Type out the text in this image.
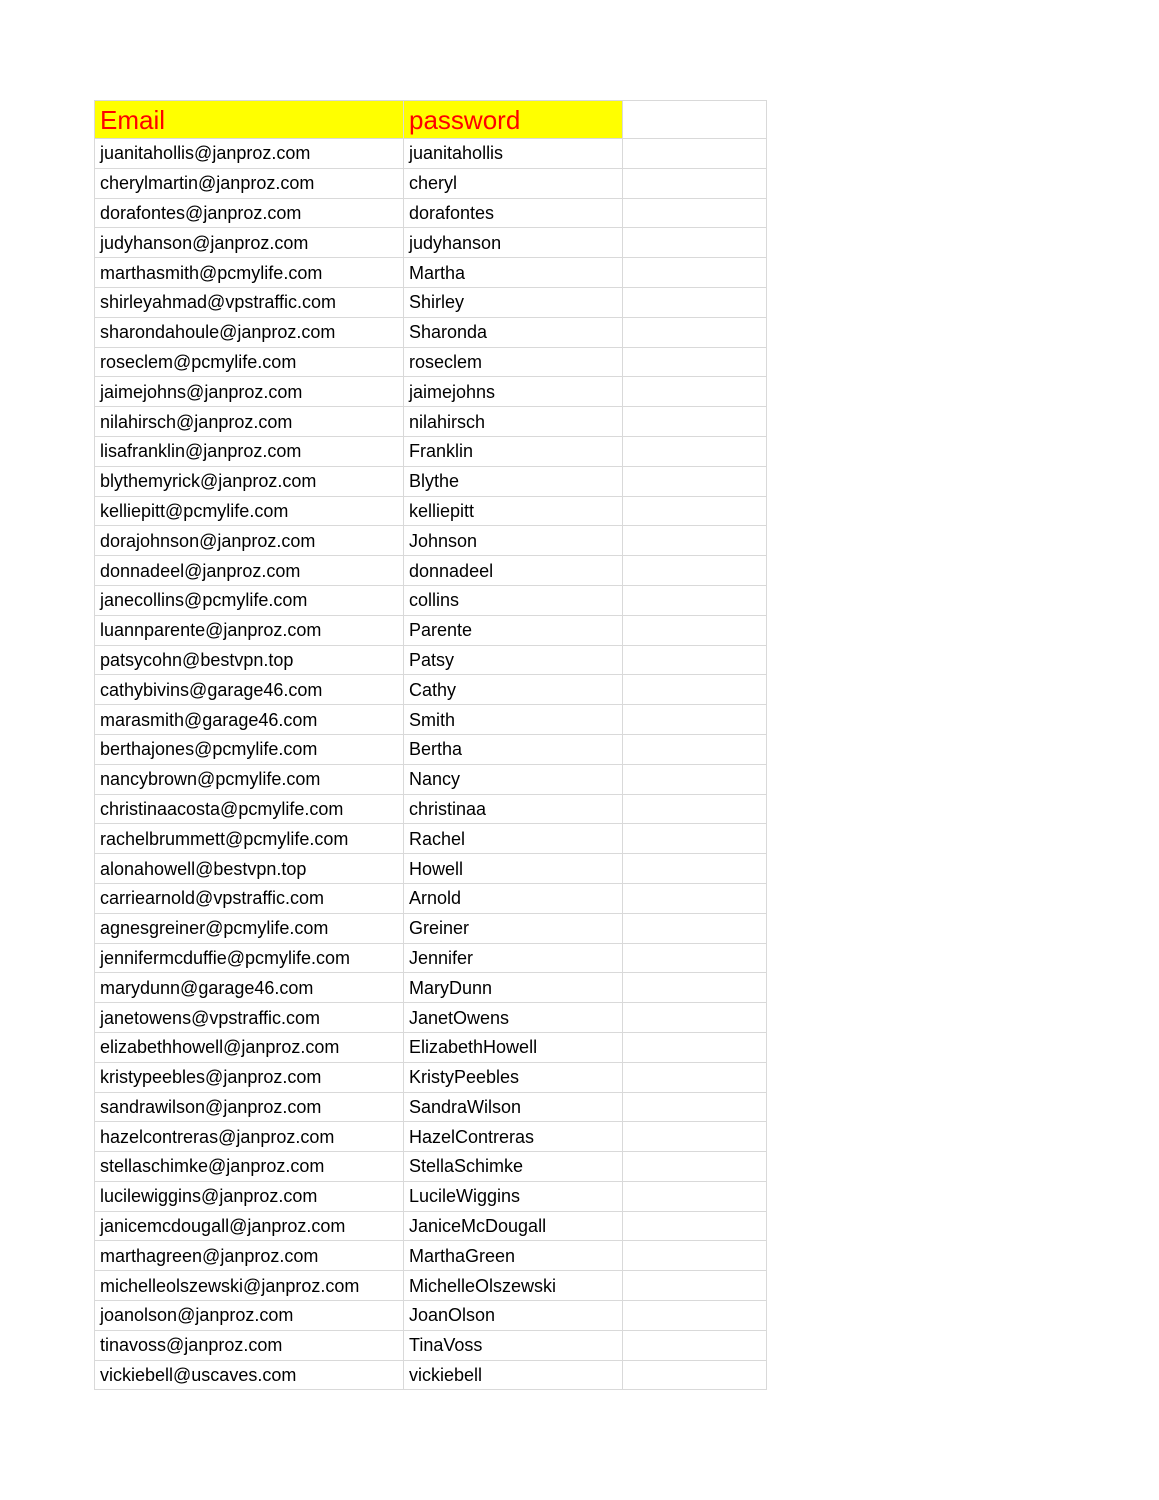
Email	password	
juanitahollis@janproz.com	juanitahollis	
cherylmartin@janproz.com	cheryl	
dorafontes@janproz.com	dorafontes	
judyhanson@janproz.com	judyhanson	
marthasmith@pcmylife.com	Martha	
shirleyahmad@vpstraffic.com	Shirley	
sharondahoule@janproz.com	Sharonda	
roseclem@pcmylife.com	roseclem	
jaimejohns@janproz.com	jaimejohns	
nilahirsch@janproz.com	nilahirsch	
lisafranklin@janproz.com	Franklin	
blythemyrick@janproz.com	Blythe	
kelliepitt@pcmylife.com	kelliepitt	
dorajohnson@janproz.com	Johnson	
donnadeel@janproz.com	donnadeel	
janecollins@pcmylife.com	collins	
luannparente@janproz.com	Parente	
patsycohn@bestvpn.top	Patsy	
cathybivins@garage46.com	Cathy	
marasmith@garage46.com	Smith	
berthajones@pcmylife.com	Bertha	
nancybrown@pcmylife.com	Nancy	
christinaacosta@pcmylife.com	christinaa	
rachelbrummett@pcmylife.com	Rachel	
alonahowell@bestvpn.top	Howell	
carriearnold@vpstraffic.com	Arnold	
agnesgreiner@pcmylife.com	Greiner	
jennifermcduffie@pcmylife.com	Jennifer	
marydunn@garage46.com	MaryDunn	
janetowens@vpstraffic.com	JanetOwens	
elizabethhowell@janproz.com	ElizabethHowell	
kristypeebles@janproz.com	KristyPeebles	
sandrawilson@janproz.com	SandraWilson	
hazelcontreras@janproz.com	HazelContreras	
stellaschimke@janproz.com	StellaSchimke	
lucilewiggins@janproz.com	LucileWiggins	
janicemcdougall@janproz.com	JaniceMcDougall	
marthagreen@janproz.com	MarthaGreen	
michelleolszewski@janproz.com	MichelleOlszewski	
joanolson@janproz.com	JoanOlson	
tinavoss@janproz.com	TinaVoss	
vickiebell@uscaves.com	vickiebell	
